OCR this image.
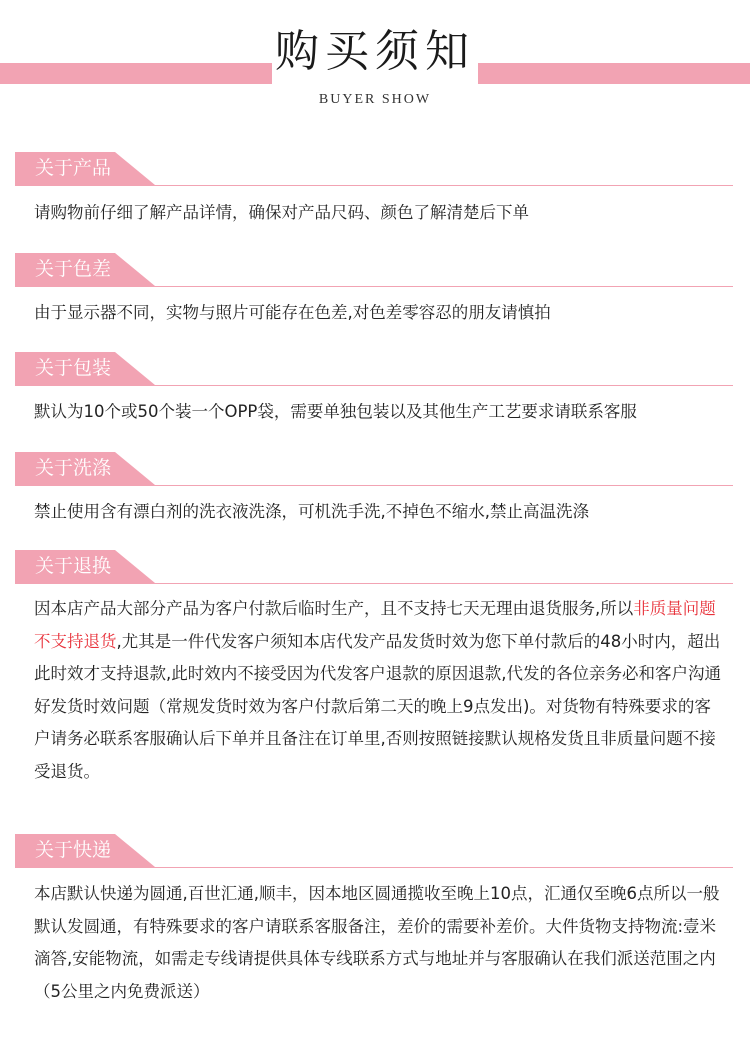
购买须知
BUYER SHOW
关于产品
请购物前仔细了解产品详情，确保对产品尺码、颜色了解清楚后下单
关于色差
由于显示器不同，实物与照片可能存在色差,对色差零容忍的朋友请慎拍
关于包装
默认为10个或50个装一个OPP袋，需要单独包装以及其他生产工艺要求请联系客服
关于洗涤
禁止使用含有漂白剂的洗衣液洗涤，可机洗手洗,不掉色不缩水,禁止高温洗涤
关于退换
因本店产品大部分产品为客户付款后临时生产，且不支持七天无理由退货服务,所以非质量问题不支持退货,尤其是一件代发客户须知本店代发产品发货时效为您下单付款后的48小时内，超出此时效才支持退款,此时效内不接受因为代发客户退款的原因退款,代发的各位亲务必和客户沟通好发货时效问题（常规发货时效为客户付款后第二天的晚上9点发出)。对货物有特殊要求的客户请务必联系客服确认后下单并且备注在订单里,否则按照链接默认规格发货且非质量问题不接受退货。
关于快递
本店默认快递为圆通,百世汇通,顺丰，因本地区圆通揽收至晚上10点，汇通仅至晚6点所以一般默认发圆通，有特殊要求的客户请联系客服备注，差价的需要补差价。大件货物支持物流:壹米滴答,安能物流，如需走专线请提供具体专线联系方式与地址并与客服确认在我们派送范围之内（5公里之内免费派送）
